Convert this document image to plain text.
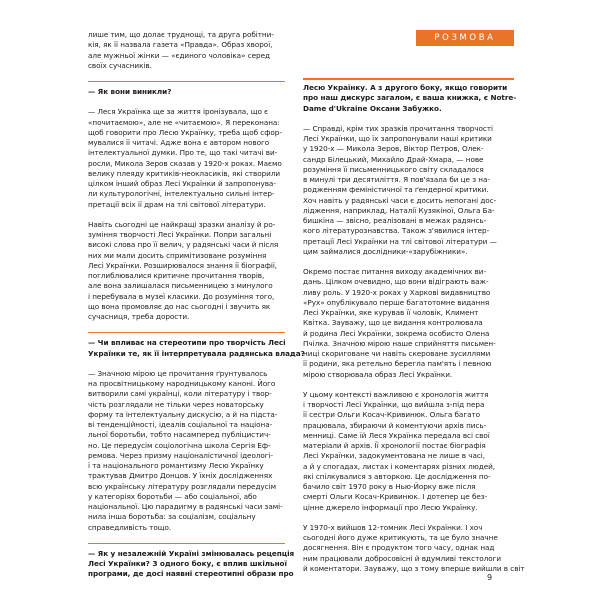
лише тим, що долає труднощі, та друга робітни-
кія, як її назвала газета «Правда». Образ хворої,
але мужньої жінки — «єдиного чоловіка» серед
своїх сучасників.

— Як вони виникли?

— Леся Українка ще за життя іронізувала, що є
«почитаємою», але не «читаємою». Я переконана:
щоб говорити про Лесю Українку, треба щоб сфор-
мувалися її читачі. Адже вона є автором нового
інтелектуальної думки. Про те, що такі читачі ви-
росли, Микола Зеров сказав у 1920-х роках. Маємо
велику плеяду критиків-неокласиків, які створили
цілком інший образ Лесі Українки й запропонува-
ли культурологічні, інтелектуально сильні інтер-
претації всіх її драм на тлі світової літератури.

Навіть сьогодні це найкращі зразки аналізу й ро-
зуміння творчості Лесі Українки. Попри загальні
високі слова про її велич, у радянські часи й після
них ми мали досить спримітизоване розуміння
Лесі Українки. Розширювалося знання її біографії,
поглиблювалися критичне прочитання творів,
але вона залишалася письменницею з минулого
і перебувала в музеї класики. До розуміння того,
що вона промовляє до нас сьогодні і звучить як
сучасниця, треба дорости.

— Чи впливає на стереотипи про творчість Лесі
Українки те, як її інтерпретувала радянська влада?

— Значною мірою це прочитання ґрунтувалось
на просвітницькому народницькому каноні. Його
витворили самі українці, коли літературу і твор-
чість розглядали не тільки через новаторську
форму та інтелектуальну дискусію, а й на підста-
ві тенденційності, ідеалів соціальної та націона-
льної боротьби, тобто насамперед публіцистич-
но. Це передусім соціологічна школа Сергія Еф-
ремова. Через призму націоналістичної ідеологі-
ї та національного романтизму Лесю Українку
трактував Дмитро Донцов. У їхніх дослідженнях
всю українську літературу розглядали передусім
у категоріях боротьби — або соціальної, або
національної. Цю парадигму в радянські часи замі-
нила інша боротьба: за соціалізм, соціальну
справедливість тощо.

— Як у незалежній Україні змінювалась рецепція
Лесі Українки? З одного боку, є вплив шкільної
програми, де досі наявні стереотипні образи про

РОЗМОВА

Лесю Українку. А з другого боку, якщо говорити
про наш дискурс загалом, є ваша книжка, є Notre-
Dame d'Ukraine Оксани Забужко.

— Справді, крім тих зразків прочитання творчості
Лесі Українки, що їх запропонували наші критики
у 1920-х — Микола Зеров, Віктор Петров, Олек-
сандр Білецький, Михайло Драй-Хмара, — нове
розуміння її письменницького світу складалося
в минулі три десятиліття. Я пов'язала би це з на-
родженням феміністичної та ґендерної критики.
Хоч навіть у радянські часи є досить непогані дос-
лідження, наприклад, Наталії Кузякіної, Ольга Ба-
бишкіна — звісно, реалізовані в межах радянсь-
кого літературознавства. Також з'явилися інтер-
претації Лесі Українки на тлі світової літератури —
цим займалися дослідники-«зарубіжники».

Окремо постає питання виходу академічних ви-
дань. Цілком очевидно, що вони відіграють важ-
ливу роль. У 1920-х роках у Харкові видавництво
«Рух» опублікувало перше багатотомне видання
Лесі Українки, яке курував її чоловік, Климент
Квітка. Зауважу, що це видання контролювала
й родина Лесі Українки, зокрема особисто Олена
Пчілка. Значною мірою наше сприйняття письмен-
ниці скориговане чи навіть скероване зусиллями
її родини, яка ретельно берегла пам'ять і певною
мірою створювала образ Лесі Українки.

У цьому контексті важливою є хронологія життя
і творчості Лесі Українки, що вийшла з-під пера
її сестри Ольги Косач-Кривинюк. Ольга багато
працювала, збираючи й коментуючи архів пись-
менниці. Саме їй Леся Українка передала всі свої
матеріали й архів. Її хронології постає біографія
Лесі Українки, задокументована не лише в часі,
а й у спогадах, листах і коментарях різних людей,
які спілкувалися з авторкою. Це дослідження по-
бачило світ 1970 року в Нью-Йорку вже після
смерті Ольги Косач-Кривинюк. І дотепер це без-
цінне джерело інформації про Лесю Українку.

У 1970-х вийшов 12-томник Лесі Українки. І хоч
сьогодні його дуже критикують, та це було значне
досягнення. Він є продуктом того часу, однак над
ним працювали добросовісні й вдумливі текстологи
й коментатори. Зауважу, що з тому вперше вийшли в світ

9
